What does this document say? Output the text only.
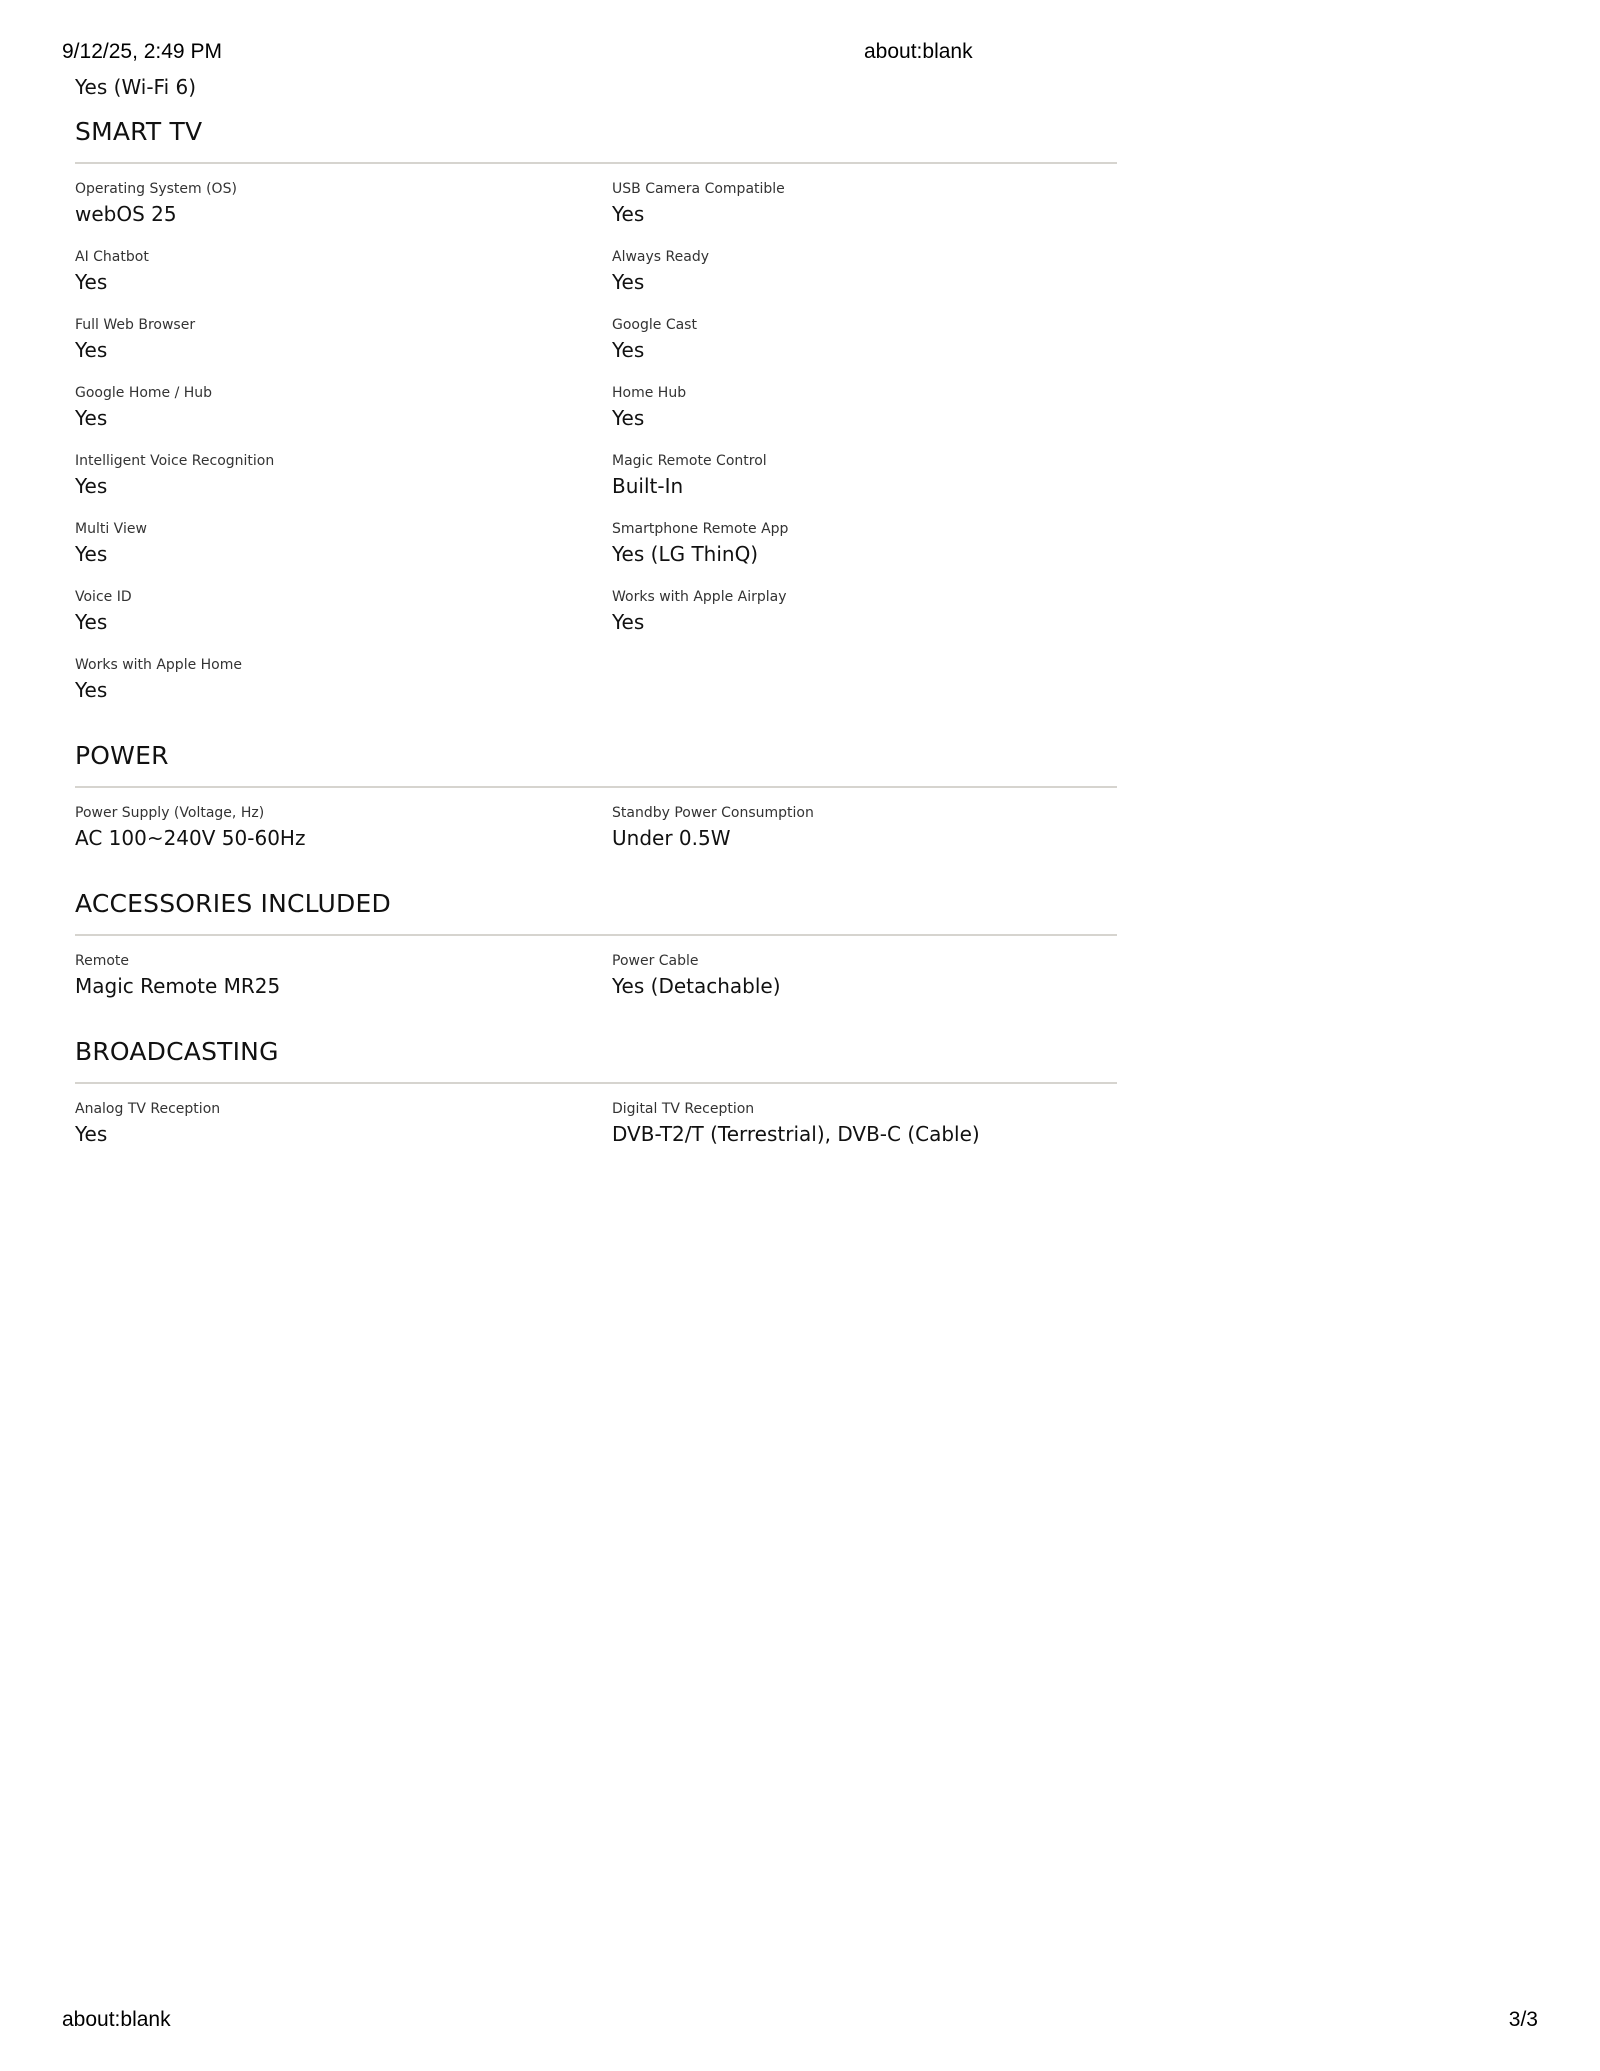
9/12/25, 2:49 PM	about:blank
Yes (Wi-Fi 6)
SMART TV
Operating System (OS)
webOS 25
USB Camera Compatible
Yes
AI Chatbot
Yes
Always Ready
Yes
Full Web Browser
Yes
Google Cast
Yes
Google Home / Hub
Yes
Home Hub
Yes
Intelligent Voice Recognition
Yes
Magic Remote Control
Built-In
Multi View
Yes
Smartphone Remote App
Yes (LG ThinQ)
Voice ID
Yes
Works with Apple Airplay
Yes
Works with Apple Home
Yes
POWER
Power Supply (Voltage, Hz)
AC 100~240V 50-60Hz
Standby Power Consumption
Under 0.5W
ACCESSORIES INCLUDED
Remote
Magic Remote MR25
Power Cable
Yes (Detachable)
BROADCASTING
Analog TV Reception
Yes
Digital TV Reception
DVB-T2/T (Terrestrial), DVB-C (Cable)
about:blank	3/3
